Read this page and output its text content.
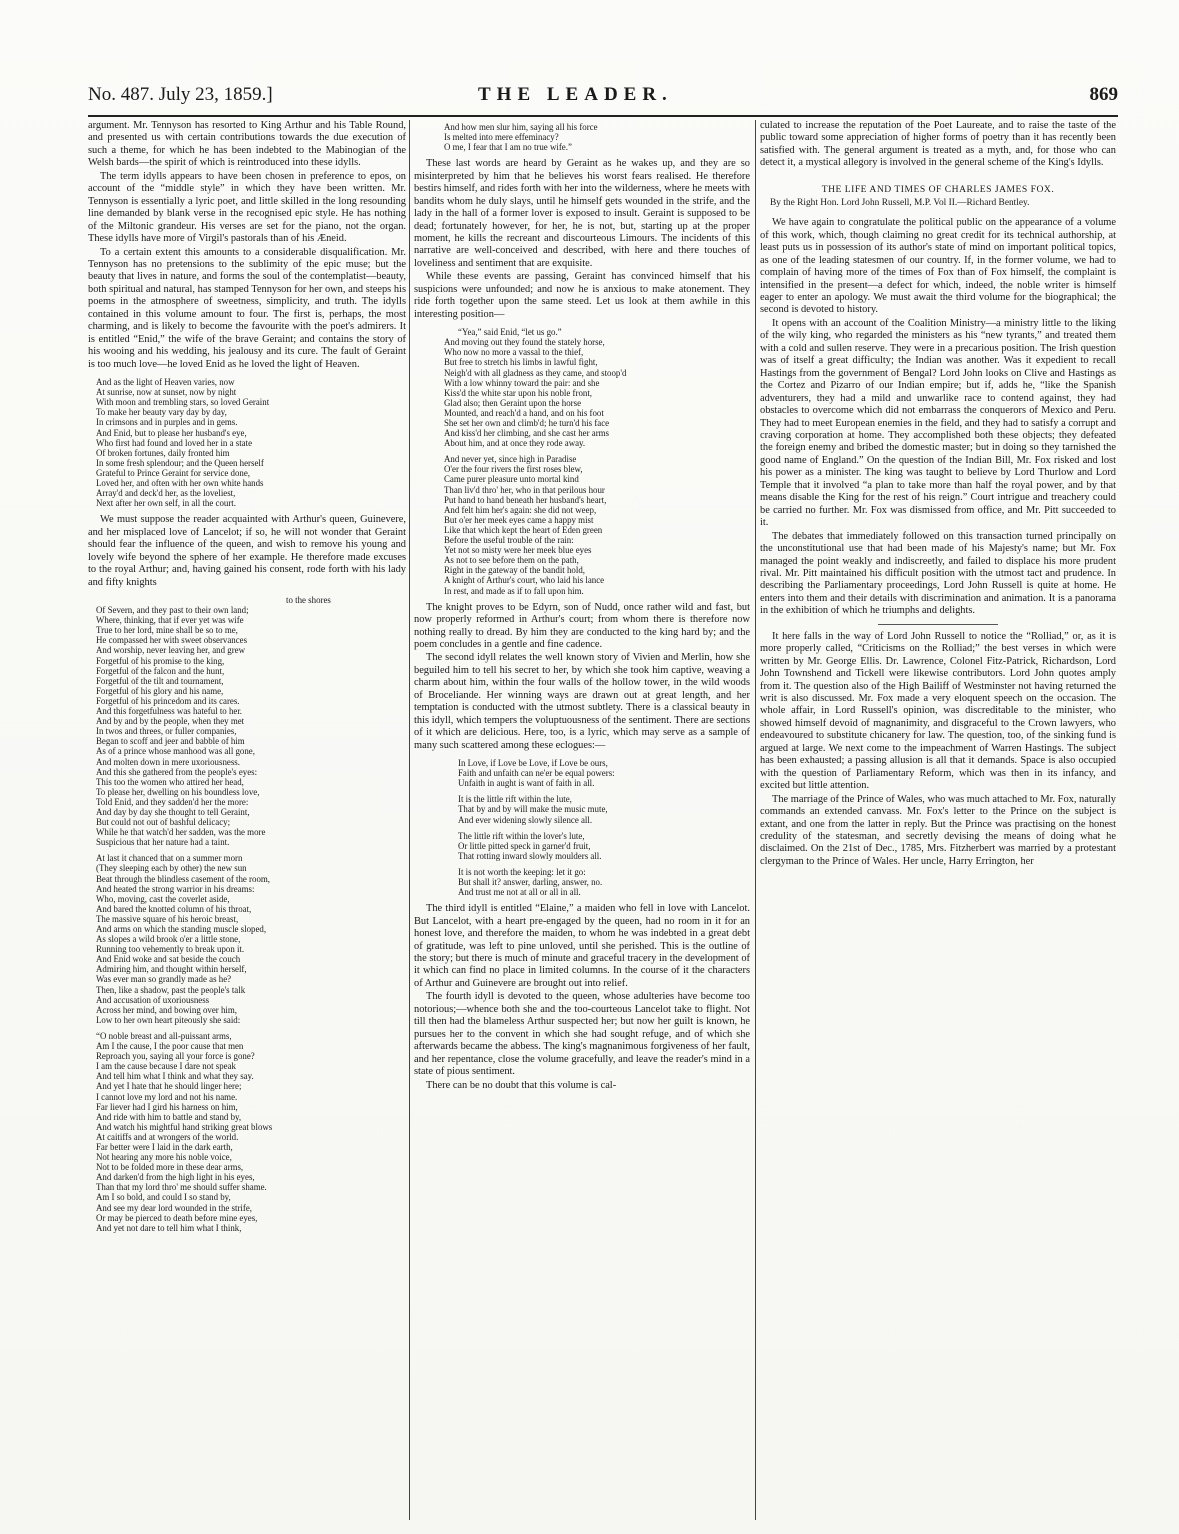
No. 487. July 23, 1859.]	THE LEADER.	869

argument. Mr. Tennyson has resorted to King Arthur and his Table Round, and presented us with certain contributions towards the due execution of such a theme, for which he has been indebted to the Mabinogian of the Welsh bards—the spirit of which is reintroduced into these idylls.

The term idylls appears to have been chosen in preference to epos, on account of the “middle style” in which they have been written. Mr. Tennyson is essentially a lyric poet, and little skilled in the long resounding line demanded by blank verse in the recognised epic style. He has nothing of the Miltonic grandeur. His verses are set for the piano, not the organ. These idylls have more of Virgil's pastorals than of his Æneid.

To a certain extent this amounts to a considerable disqualification. Mr. Tennyson has no pretensions to the sublimity of the epic muse; but the beauty that lives in nature, and forms the soul of the contemplatist—beauty, both spiritual and natural, has stamped Tennyson for her own, and steeps his poems in the atmosphere of sweetness, simplicity, and truth. The idylls contained in this volume amount to four. The first is, perhaps, the most charming, and is likely to become the favourite with the poet's admirers. It is entitled “Enid,” the wife of the brave Geraint; and contains the story of his wooing and his wedding, his jealousy and its cure. The fault of Geraint is too much love—he loved Enid as he loved the light of Heaven.

And as the light of Heaven varies, now
At sunrise, now at sunset, now by night
With moon and trembling stars, so loved Geraint
To make her beauty vary day by day,
In crimsons and in purples and in gems.
And Enid, but to please her husband's eye,
Who first had found and loved her in a state
Of broken fortunes, daily fronted him
In some fresh splendour; and the Queen herself
Grateful to Prince Geraint for service done,
Loved her, and often with her own white hands
Array'd and deck'd her, as the loveliest,
Next after her own self, in all the court.

We must suppose the reader acquainted with Arthur's queen, Guinevere, and her misplaced love of Lancelot; if so, he will not wonder that Geraint should fear the influence of the queen, and wish to remove his young and lovely wife beyond the sphere of her example. He therefore made excuses to the royal Arthur; and, having gained his consent, rode forth with his lady and fifty knights

to the shores
Of Severn, and they past to their own land;
Where, thinking, that if ever yet was wife
True to her lord, mine shall be so to me,
He compassed her with sweet observances
And worship, never leaving her, and grew
Forgetful of his promise to the king,
Forgetful of the falcon and the hunt,
Forgetful of the tilt and tournament,
Forgetful of his glory and his name,
Forgetful of his princedom and its cares.
And this forgetfulness was hateful to her.
And by and by the people, when they met
In twos and threes, or fuller companies,
Began to scoff and jeer and babble of him
As of a prince whose manhood was all gone,
And molten down in mere uxoriousness.
And this she gathered from the people's eyes:
This too the women who attired her head,
To please her, dwelling on his boundless love,
Told Enid, and they sadden'd her the more:
And day by day she thought to tell Geraint,
But could not out of bashful delicacy;
While he that watch'd her sadden, was the more
Suspicious that her nature had a taint.
At last it chanced that on a summer morn
(They sleeping each by other) the new sun
Beat through the blindless casement of the room,
And heated the strong warrior in his dreams:
Who, moving, cast the coverlet aside,
And bared the knotted column of his throat,
The massive square of his heroic breast,
And arms on which the standing muscle sloped,
As slopes a wild brook o'er a little stone,
Running too vehemently to break upon it.
And Enid woke and sat beside the couch
Admiring him, and thought within herself,
Was ever man so grandly made as he?
Then, like a shadow, past the people's talk
And accusation of uxoriousness
Across her mind, and bowing over him,
Low to her own heart piteously she said:
“O noble breast and all-puissant arms,
Am I the cause, I the poor cause that men
Reproach you, saying all your force is gone?
I am the cause because I dare not speak
And tell him what I think and what they say.
And yet I hate that he should linger here;
I cannot love my lord and not his name.
Far liever had I gird his harness on him,
And ride with him to battle and stand by,
And watch his mightful hand striking great blows
At caitiffs and at wrongers of the world.
Far better were I laid in the dark earth,
Not hearing any more his noble voice,
Not to be folded more in these dear arms,
And darken'd from the high light in his eyes,
Than that my lord thro' me should suffer shame.
Am I so bold, and could I so stand by,
And see my dear lord wounded in the strife,
Or may be pierced to death before mine eyes,
And yet not dare to tell him what I think,
And how men slur him, saying all his force
Is melted into mere effeminacy?
O me, I fear that I am no true wife.”

These last words are heard by Geraint as he wakes up, and they are so misinterpreted by him that he believes his worst fears realised. He therefore bestirs himself, and rides forth with her into the wilderness, where he meets with bandits whom he duly slays, until he himself gets wounded in the strife, and the lady in the hall of a former lover is exposed to insult. Geraint is supposed to be dead; fortunately however, for her, he is not, but, starting up at the proper moment, he kills the recreant and discourteous Limours. The incidents of this narrative are well-conceived and described, with here and there touches of loveliness and sentiment that are exquisite.

While these events are passing, Geraint has convinced himself that his suspicions were unfounded; and now he is anxious to make atonement. They ride forth together upon the same steed. Let us look at them awhile in this interesting position—

“Yea,” said Enid, “let us go.”
And moving out they found the stately horse,
Who now no more a vassal to the thief,
But free to stretch his limbs in lawful fight,
Neigh'd with all gladness as they came, and stoop'd
With a low whinny toward the pair: and she
Kiss'd the white star upon his noble front,
Glad also; then Geraint upon the horse
Mounted, and reach'd a hand, and on his foot
She set her own and climb'd; he turn'd his face
And kiss'd her climbing, and she cast her arms
About him, and at once they rode away.
And never yet, since high in Paradise
O'er the four rivers the first roses blew,
Came purer pleasure unto mortal kind
Than liv'd thro' her, who in that perilous hour
Put hand to hand beneath her husband's heart,
And felt him her's again: she did not weep,
But o'er her meek eyes came a happy mist
Like that which kept the heart of Eden green
Before the useful trouble of the rain:
Yet not so misty were her meek blue eyes
As not to see before them on the path,
Right in the gateway of the bandit hold,
A knight of Arthur's court, who laid his lance
In rest, and made as if to fall upon him.

The knight proves to be Edyrn, son of Nudd, once rather wild and fast, but now properly reformed in Arthur's court; from whom there is therefore now nothing really to dread. By him they are conducted to the king hard by; and the poem concludes in a gentle and fine cadence.

The second idyll relates the well known story of Vivien and Merlin, how she beguiled him to tell his secret to her, by which she took him captive, weaving a charm about him, within the four walls of the hollow tower, in the wild woods of Broceliande. Her winning ways are drawn out at great length, and her temptation is conducted with the utmost subtlety. There is a classical beauty in this idyll, which tempers the voluptuousness of the sentiment. There are sections of it which are delicious. Here, too, is a lyric, which may serve as a sample of many such scattered among these eclogues:—

In Love, if Love be Love, if Love be ours,
Faith and unfaith can ne'er be equal powers:
Unfaith in aught is want of faith in all.
It is the little rift within the lute,
That by and by will make the music mute,
And ever widening slowly silence all.
The little rift within the lover's lute,
Or little pitted speck in garner'd fruit,
That rotting inward slowly moulders all.
It is not worth the keeping: let it go:
But shall it? answer, darling, answer, no.
And trust me not at all or all in all.

The third idyll is entitled “Elaine,” a maiden who fell in love with Lancelot. But Lancelot, with a heart pre-engaged by the queen, had no room in it for an honest love, and therefore the maiden, to whom he was indebted in a great debt of gratitude, was left to pine unloved, until she perished. This is the outline of the story; but there is much of minute and graceful tracery in the development of it which can find no place in limited columns. In the course of it the characters of Arthur and Guinevere are brought out into relief.

The fourth idyll is devoted to the queen, whose adulteries have become too notorious;—whence both she and the too-courteous Lancelot take to flight. Not till then had the blameless Arthur suspected her; but now her guilt is known, he pursues her to the convent in which she had sought refuge, and of which she afterwards became the abbess. The king's magnanimous forgiveness of her fault, and her repentance, close the volume gracefully, and leave the reader's mind in a state of pious sentiment.

There can be no doubt that this volume is cal-

culated to increase the reputation of the Poet Laureate, and to raise the taste of the public toward some appreciation of higher forms of poetry than it has recently been satisfied with. The general argument is treated as a myth, and, for those who can detect it, a mystical allegory is involved in the general scheme of the King's Idylls.

THE LIFE AND TIMES OF CHARLES JAMES FOX.
By the Right Hon. Lord John Russell, M.P. Vol II.—Richard Bentley.

We have again to congratulate the political public on the appearance of a volume of this work, which, though claiming no great credit for its technical authorship, at least puts us in possession of its author's state of mind on important political topics, as one of the leading statesmen of our country. If, in the former volume, we had to complain of having more of the times of Fox than of Fox himself, the complaint is intensified in the present—a defect for which, indeed, the noble writer is himself eager to enter an apology. We must await the third volume for the biographical; the second is devoted to history.

It opens with an account of the Coalition Ministry—a ministry little to the liking of the wily king, who regarded the ministers as his “new tyrants,” and treated them with a cold and sullen reserve. They were in a precarious position. The Irish question was of itself a great difficulty; the Indian was another. Was it expedient to recall Hastings from the government of Bengal? Lord John looks on Clive and Hastings as the Cortez and Pizarro of our Indian empire; but if, adds he, “like the Spanish adventurers, they had a mild and unwarlike race to contend against, they had obstacles to overcome which did not embarrass the conquerors of Mexico and Peru. They had to meet European enemies in the field, and they had to satisfy a corrupt and craving corporation at home. They accomplished both these objects; they defeated the foreign enemy and bribed the domestic master; but in doing so they tarnished the good name of England.” On the question of the Indian Bill, Mr. Fox risked and lost his power as a minister. The king was taught to believe by Lord Thurlow and Lord Temple that it involved “a plan to take more than half the royal power, and by that means disable the King for the rest of his reign.” Court intrigue and treachery could be carried no further. Mr. Fox was dismissed from office, and Mr. Pitt succeeded to it.

The debates that immediately followed on this transaction turned principally on the unconstitutional use that had been made of his Majesty's name; but Mr. Fox managed the point weakly and indiscreetly, and failed to displace his more prudent rival. Mr. Pitt maintained his difficult position with the utmost tact and prudence. In describing the Parliamentary proceedings, Lord John Russell is quite at home. He enters into them and their details with discrimination and animation. It is a panorama in the exhibition of which he triumphs and delights.

It here falls in the way of Lord John Russell to notice the “Rolliad,” or, as it is more properly called, “Criticisms on the Rolliad;” the best verses in which were written by Mr. George Ellis. Dr. Lawrence, Colonel Fitz-Patrick, Richardson, Lord John Townshend and Tickell were likewise contributors. Lord John quotes amply from it. The question also of the High Bailiff of Westminster not having returned the writ is also discussed. Mr. Fox made a very eloquent speech on the occasion. The whole affair, in Lord Russell's opinion, was discreditable to the minister, who showed himself devoid of magnanimity, and disgraceful to the Crown lawyers, who endeavoured to substitute chicanery for law. The question, too, of the sinking fund is argued at large. We next come to the impeachment of Warren Hastings. The subject has been exhausted; a passing allusion is all that it demands. Space is also occupied with the question of Parliamentary Reform, which was then in its infancy, and excited but little attention.

The marriage of the Prince of Wales, who was much attached to Mr. Fox, naturally commands an extended canvass. Mr. Fox's letter to the Prince on the subject is extant, and one from the latter in reply. But the Prince was practising on the honest credulity of the statesman, and secretly devising the means of doing what he disclaimed. On the 21st of Dec., 1785, Mrs. Fitzherbert was married by a protestant clergyman to the Prince of Wales. Her uncle, Harry Errington, her
